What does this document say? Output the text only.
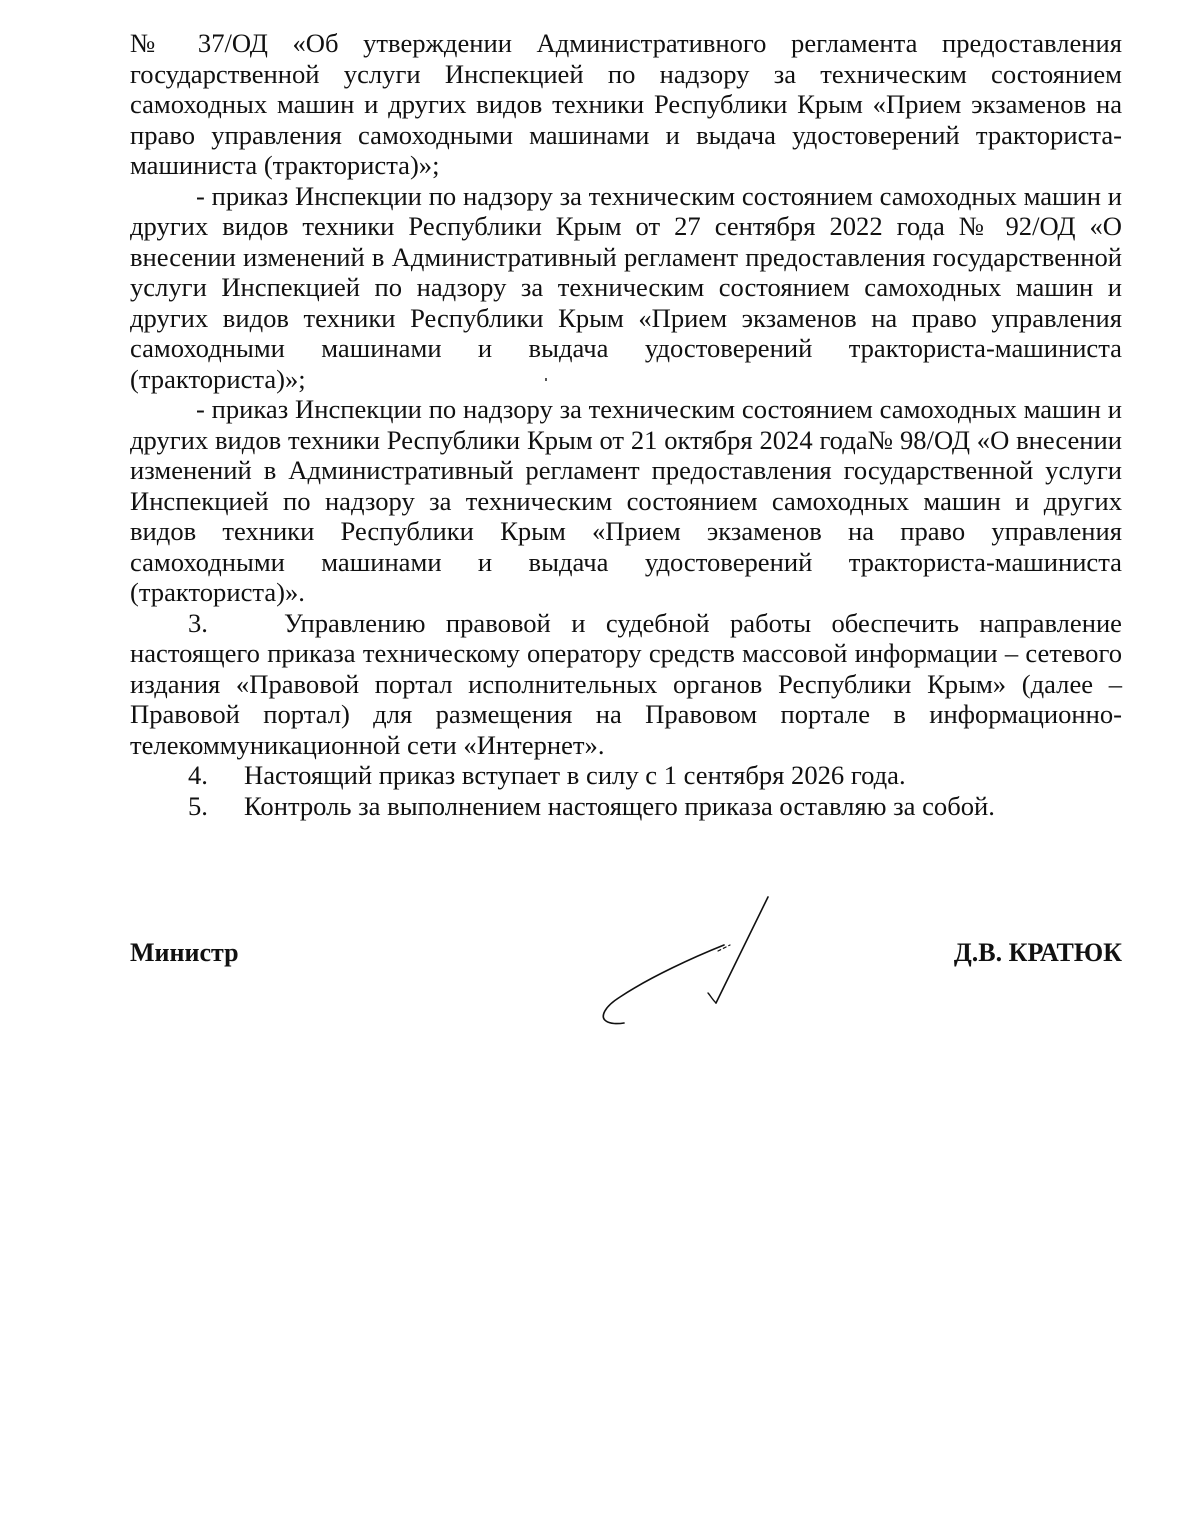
№ 37/ОД «Об утверждении Административного регламента предоставления государственной услуги Инспекцией по надзору за техническим состоянием самоходных машин и других видов техники Республики Крым «Прием экзаменов на право управления самоходными машинами и выдача удостоверений тракториста-машиниста (тракториста)»;

- приказ Инспекции по надзору за техническим состоянием самоходных машин и других видов техники Республики Крым от 27 сентября 2022 года № 92/ОД «О внесении изменений в Административный регламент предоставления государственной услуги Инспекцией по надзору за техническим состоянием самоходных машин и других видов техники Республики Крым «Прием экзаменов на право управления самоходными машинами и выдача удостоверений тракториста-машиниста (тракториста)»;

- приказ Инспекции по надзору за техническим состоянием самоходных машин и других видов техники Республики Крым от 21 октября 2024 года№ 98/ОД «О внесении изменений в Административный регламент предоставления государственной услуги Инспекцией по надзору за техническим состоянием самоходных машин и других видов техники Республики Крым «Прием экзаменов на право управления самоходными машинами и выдача удостоверений тракториста-машиниста (тракториста)».

3.	Управлению правовой и судебной работы обеспечить направление настоящего приказа техническому оператору средств массовой информации – сетевого издания «Правовой портал исполнительных органов Республики Крым» (далее – Правовой портал) для размещения на Правовом портале в информационно-телекоммуникационной сети «Интернет».

4.	Настоящий приказ вступает в силу с 1 сентября 2026 года.
5.	Контроль за выполнением настоящего приказа оставляю за собой.
Министр	Д.В. КРАТЮК
